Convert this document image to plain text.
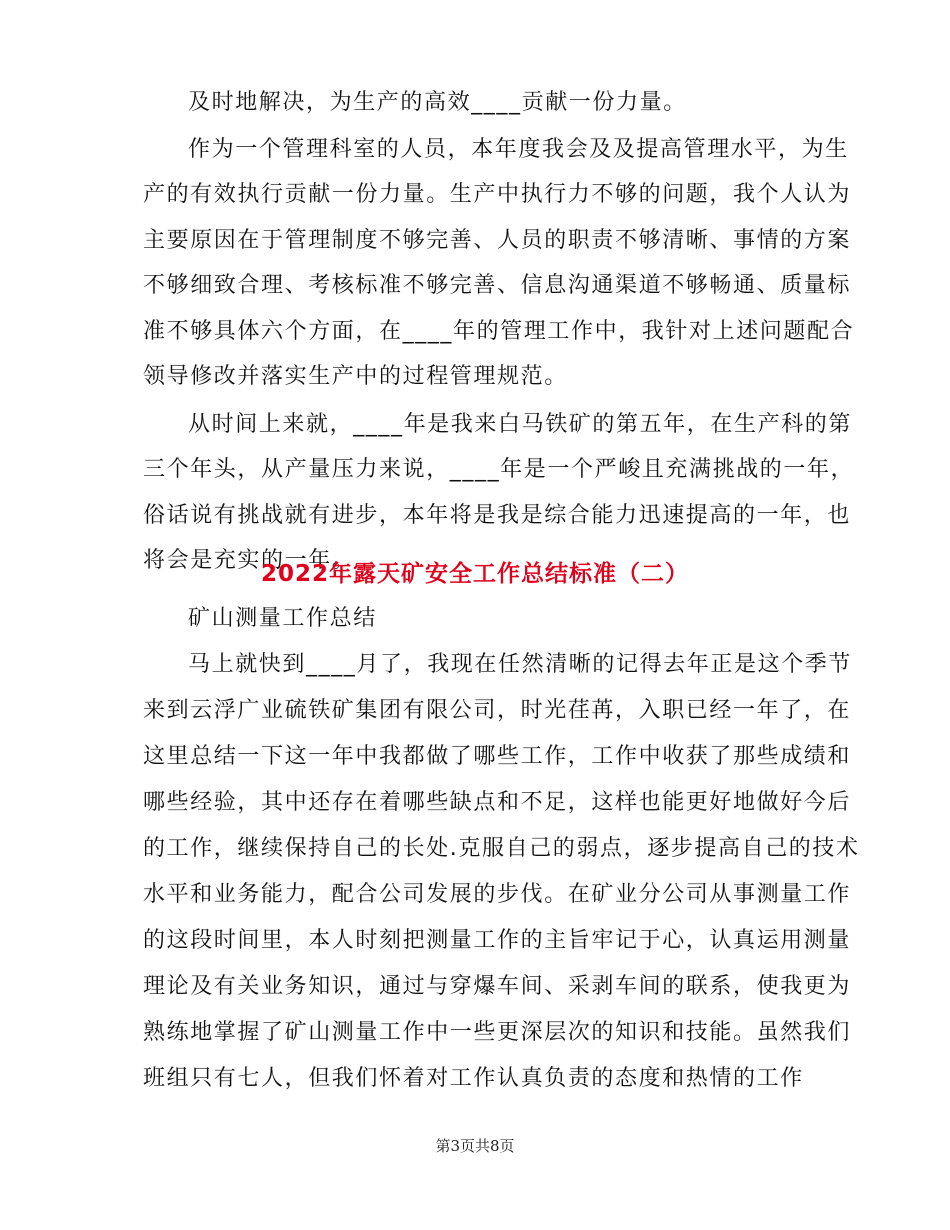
及时地解决，为生产的高效____贡献一份力量。
作为一个管理科室的人员，本年度我会及及提高管理水平，为生
产的有效执行贡献一份力量。生产中执行力不够的问题，我个人认为
主要原因在于管理制度不够完善、人员的职责不够清晰、事情的方案
不够细致合理、考核标准不够完善、信息沟通渠道不够畅通、质量标
准不够具体六个方面，在____年的管理工作中，我针对上述问题配合
领导修改并落实生产中的过程管理规范。
从时间上来就，____年是我来白马铁矿的第五年，在生产科的第
三个年头，从产量压力来说，____年是一个严峻且充满挑战的一年，
俗话说有挑战就有进步，本年将是我是综合能力迅速提高的一年，也
将会是充实的一年。
2022年露天矿安全工作总结标准（二）
矿山测量工作总结
马上就快到____月了，我现在任然清晰的记得去年正是这个季节
来到云浮广业硫铁矿集团有限公司，时光荏苒，入职已经一年了，在
这里总结一下这一年中我都做了哪些工作，工作中收获了那些成绩和
哪些经验，其中还存在着哪些缺点和不足，这样也能更好地做好今后
的工作，继续保持自己的长处.克服自己的弱点，逐步提高自己的技术
水平和业务能力，配合公司发展的步伐。在矿业分公司从事测量工作
的这段时间里，本人时刻把测量工作的主旨牢记于心，认真运用测量
理论及有关业务知识，通过与穿爆车间、采剥车间的联系，使我更为
熟练地掌握了矿山测量工作中一些更深层次的知识和技能。虽然我们
班组只有七人，但我们怀着对工作认真负责的态度和热情的工作
第3页共8页
